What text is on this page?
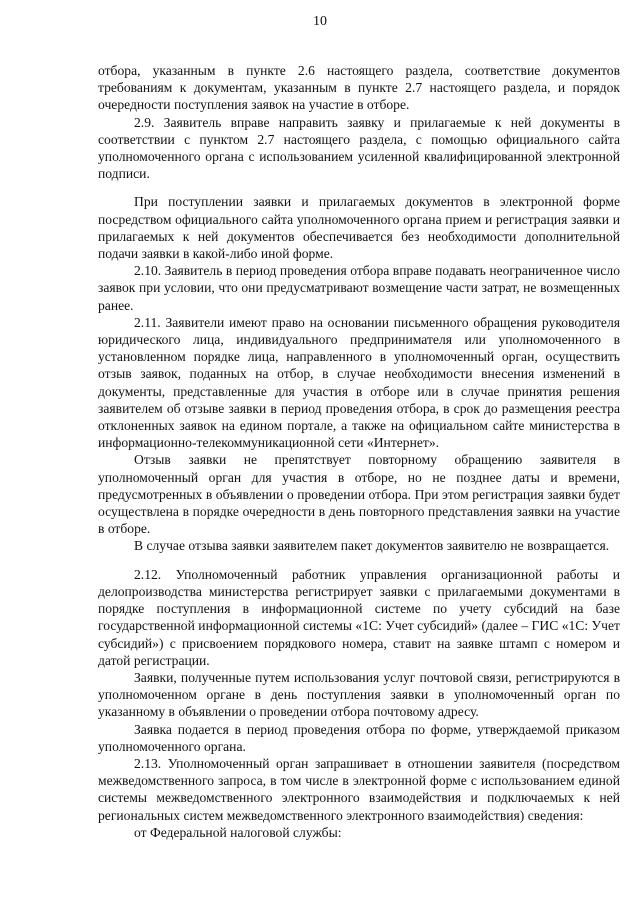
10

отбора, указанным в пункте 2.6 настоящего раздела, соответствие документов требованиям к документам, указанным в пункте 2.7 настоящего раздела, и порядок очередности поступления заявок на участие в отборе.

2.9. Заявитель вправе направить заявку и прилагаемые к ней документы в соответствии с пунктом 2.7 настоящего раздела, с помощью официального сайта уполномоченного органа с использованием усиленной квалифицированной электронной подписи.

При поступлении заявки и прилагаемых документов в электронной форме посредством официального сайта уполномоченного органа прием и регистрация заявки и прилагаемых к ней документов обеспечивается без необходимости дополнительной подачи заявки в какой-либо иной форме.

2.10. Заявитель в период проведения отбора вправе подавать неограниченное число заявок при условии, что они предусматривают возмещение части затрат, не возмещенных ранее.

2.11. Заявители имеют право на основании письменного обращения руководителя юридического лица, индивидуального предпринимателя или уполномоченного в установленном порядке лица, направленного в уполномоченный орган, осуществить отзыв заявок, поданных на отбор, в случае необходимости внесения изменений в документы, представленные для участия в отборе или в случае принятия решения заявителем об отзыве заявки в период проведения отбора, в срок до размещения реестра отклоненных заявок на едином портале, а также на официальном сайте министерства в информационно-телекоммуникационной сети «Интернет».

Отзыв заявки не препятствует повторному обращению заявителя в уполномоченный орган для участия в отборе, но не позднее даты и времени, предусмотренных в объявлении о проведении отбора. При этом регистрация заявки будет осуществлена в порядке очередности в день повторного представления заявки на участие в отборе.

В случае отзыва заявки заявителем пакет документов заявителю не возвращается.

2.12. Уполномоченный работник управления организационной работы и делопроизводства министерства регистрирует заявки с прилагаемыми документами в порядке поступления в информационной системе по учету субсидий на базе государственной информационной системы «1С: Учет субсидий» (далее – ГИС «1С: Учет субсидий») с присвоением порядкового номера, ставит на заявке штамп с номером и датой регистрации.

Заявки, полученные путем использования услуг почтовой связи, регистрируются в уполномоченном органе в день поступления заявки в уполномоченный орган по указанному в объявлении о проведении отбора почтовому адресу.

Заявка подается в период проведения отбора по форме, утверждаемой приказом уполномоченного органа.

2.13. Уполномоченный орган запрашивает в отношении заявителя (посредством межведомственного запроса, в том числе в электронной форме с использованием единой системы межведомственного электронного взаимодействия и подключаемых к ней региональных систем межведомственного электронного взаимодействия) сведения:

от Федеральной налоговой службы:
